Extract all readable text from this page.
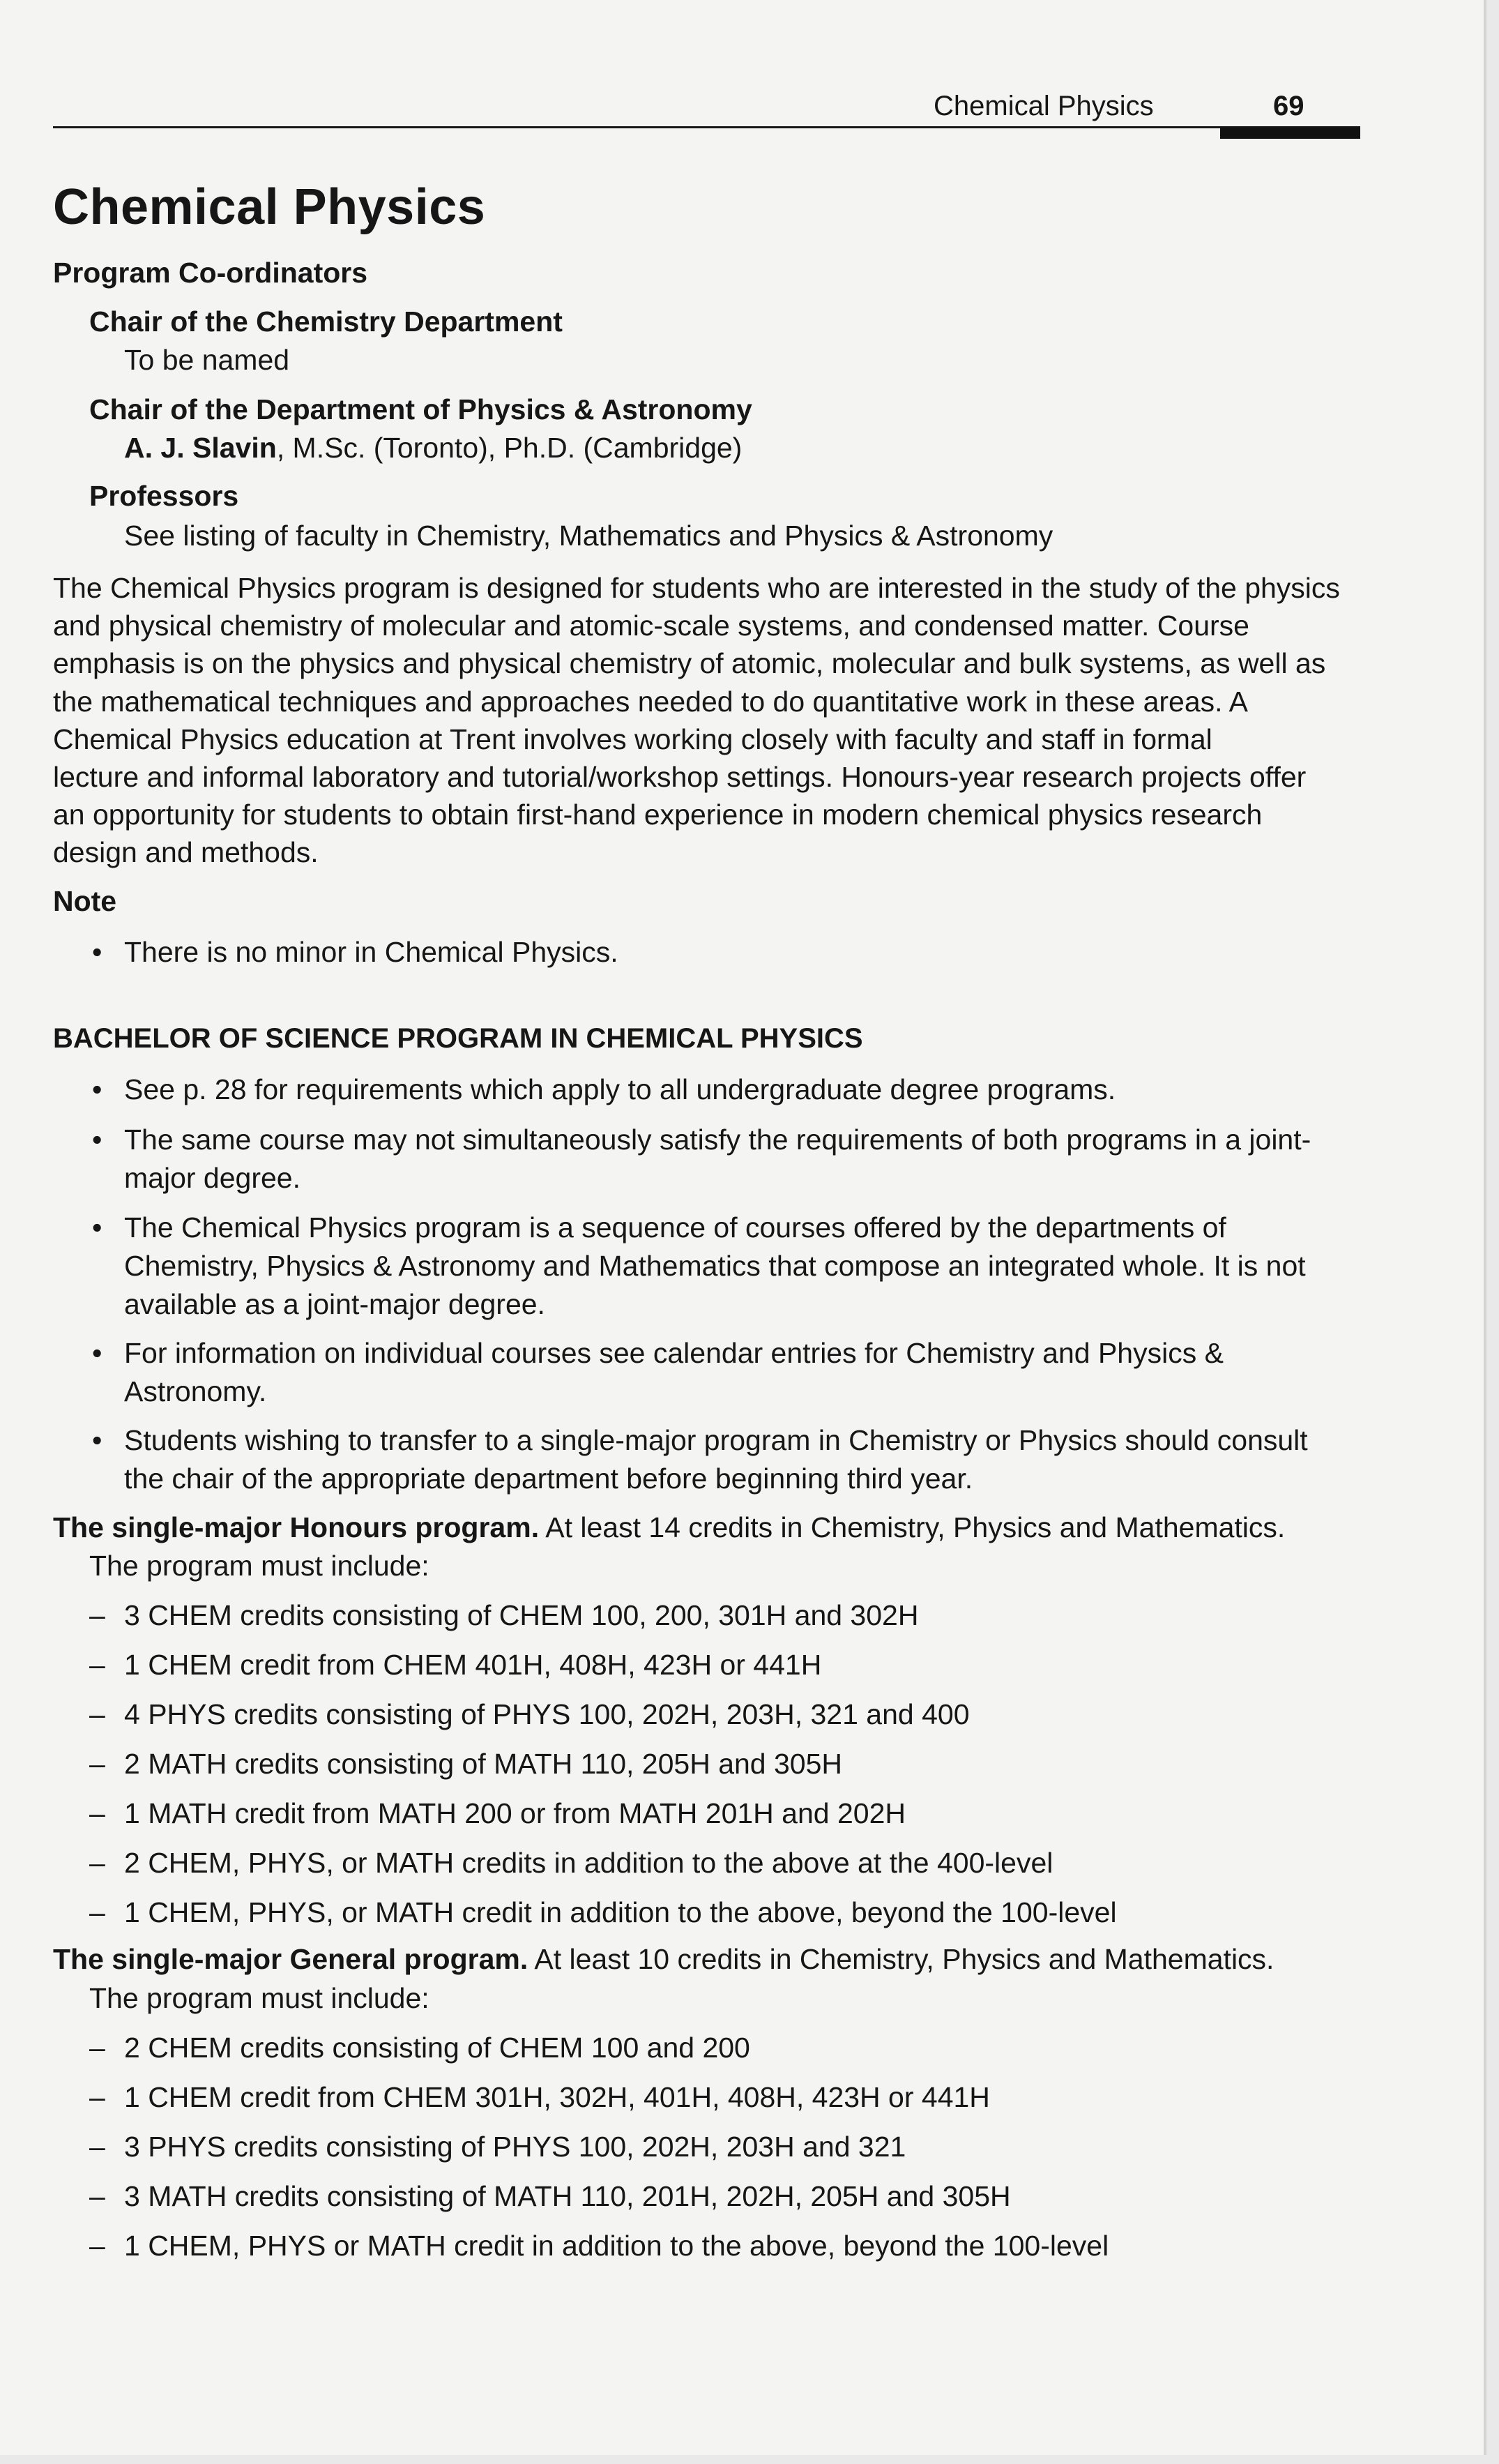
Chemical Physics	69
Chemical Physics
Program Co-ordinators
Chair of the Chemistry Department
To be named
Chair of the Department of Physics & Astronomy
A. J. Slavin, M.Sc. (Toronto), Ph.D. (Cambridge)
Professors
See listing of faculty in Chemistry, Mathematics and Physics & Astronomy

The Chemical Physics program is designed for students who are interested in the study of the physics

and physical chemistry of molecular and atomic-scale systems, and condensed matter. Course

emphasis is on the physics and physical chemistry of atomic, molecular and bulk systems, as well as

the mathematical techniques and approaches needed to do quantitative work in these areas. A

Chemical Physics education at Trent involves working closely with faculty and staff in formal

lecture and informal laboratory and tutorial/workshop settings. Honours-year research projects offer

an opportunity for students to obtain first-hand experience in modern chemical physics research

design and methods.

Note
• There is no minor in Chemical Physics.

BACHELOR OF SCIENCE PROGRAM IN CHEMICAL PHYSICS
• See p. 28 for requirements which apply to all undergraduate degree programs.

• The same course may not simultaneously satisfy the requirements of both programs in a joint-

major degree.

• The Chemical Physics program is a sequence of courses offered by the departments of

Chemistry, Physics & Astronomy and Mathematics that compose an integrated whole. It is not

available as a joint-major degree.

• For information on individual courses see calendar entries for Chemistry and Physics &

Astronomy.

• Students wishing to transfer to a single-major program in Chemistry or Physics should consult

the chair of the appropriate department before beginning third year.

The single-major Honours program. At least 14 credits in Chemistry, Physics and Mathematics.
The program must include:
– 3 CHEM credits consisting of CHEM 100, 200, 301H and 302H
– 1 CHEM credit from CHEM 401H, 408H, 423H or 441H
– 4 PHYS credits consisting of PHYS 100, 202H, 203H, 321 and 400
– 2 MATH credits consisting of MATH 110, 205H and 305H
– 1 MATH credit from MATH 200 or from MATH 201H and 202H
– 2 CHEM, PHYS, or MATH credits in addition to the above at the 400-level
– 1 CHEM, PHYS, or MATH credit in addition to the above, beyond the 100-level
The single-major General program. At least 10 credits in Chemistry, Physics and Mathematics.
The program must include:
– 2 CHEM credits consisting of CHEM 100 and 200
– 1 CHEM credit from CHEM 301H, 302H, 401H, 408H, 423H or 441H
– 3 PHYS credits consisting of PHYS 100, 202H, 203H and 321
– 3 MATH credits consisting of MATH 110, 201H, 202H, 205H and 305H
– 1 CHEM, PHYS or MATH credit in addition to the above, beyond the 100-level
